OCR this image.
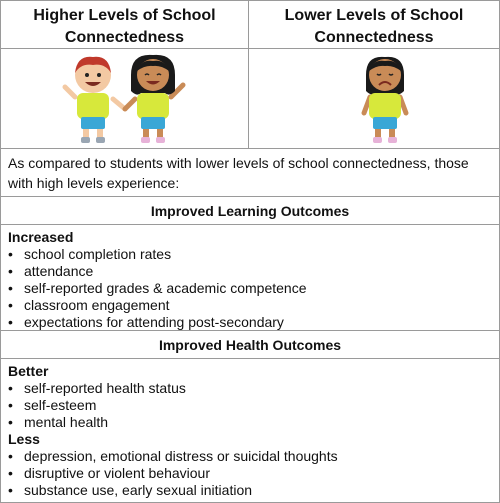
Higher Levels of School Connectedness
Lower Levels of School Connectedness
As compared to students with lower levels of school connectedness, those with high levels experience:
Improved Learning Outcomes
Increased
• school completion rates
• attendance
• self-reported grades & academic competence
• classroom engagement
• expectations for attending post-secondary
Improved Health Outcomes
Better
• self-reported health status
• self-esteem
• mental health
Less
• depression, emotional distress or suicidal thoughts
• disruptive or violent behaviour
• substance use, early sexual initiation
